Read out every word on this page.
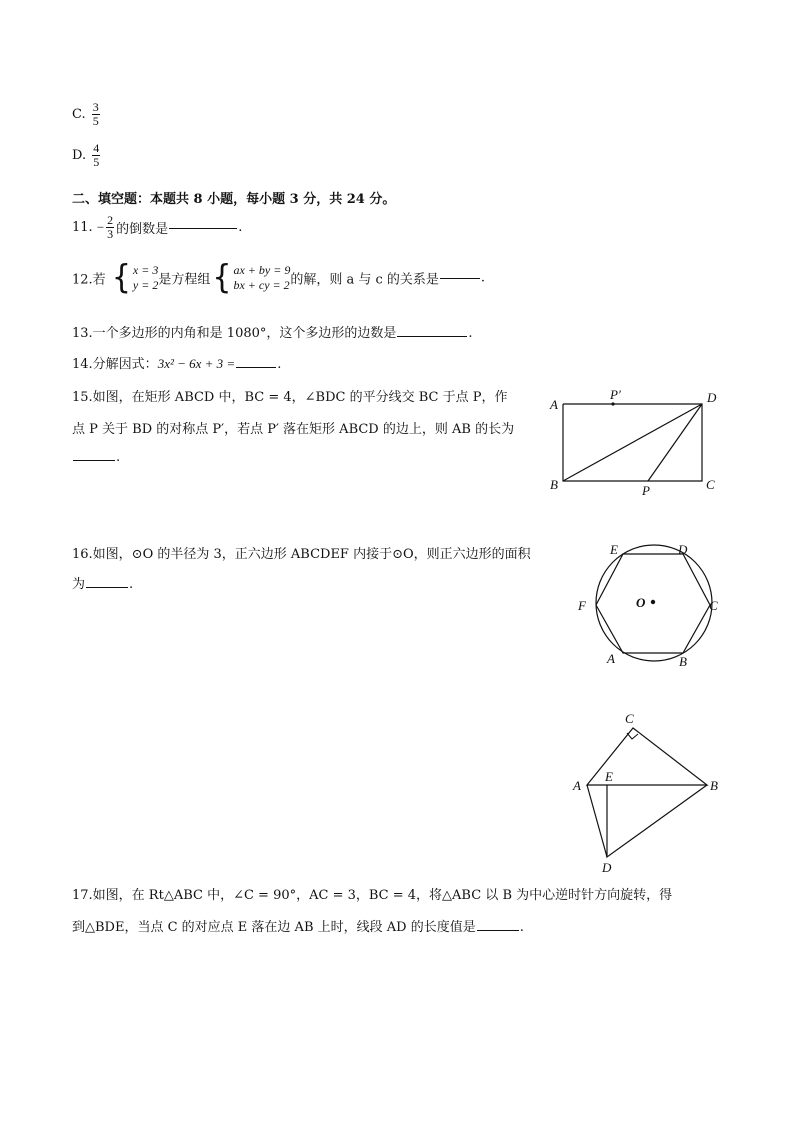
C. $\frac{3}{5}$
D. $\frac{4}{5}$
二、填空题：本题共 8 小题，每小题 3 分，共 24 分。
11. − $\frac{2}{3}$ 的倒数是	.
12.若 { x = 3
y = 2 是方程组{ ax + by = 9
bx + cy = 2 的解，则 a 与 c 的关系是	.
13.一个多边形的内角和是 1080°，这个多边形的边数是	.
14.分解因式：3x² − 6x + 3 =	.
15.如图，在矩形 ABCD 中，BC = 4，∠BDC 的平分线交 BC 于点 P，作
点 P 关于 BD 的对称点 P′，若点 P′ 落在矩形 ABCD 的边上，则 AB 的长为
.
A	D
B	C
P
P′
16.如图，⊙O 的半径为 3，正六边形 ABCDEF 内接于⊙O，则正六边形的面积
为	.
E	D
F	C
O
A	B
C
A
E
B
D
17.如图，在 Rt△ABC 中，∠C = 90°，AC = 3，BC = 4，将△ABC 以 B 为中心逆时针方向旋转，得
到△BDE，当点 C 的对应点 E 落在边 AB 上时，线段 AD 的长度值是	.
